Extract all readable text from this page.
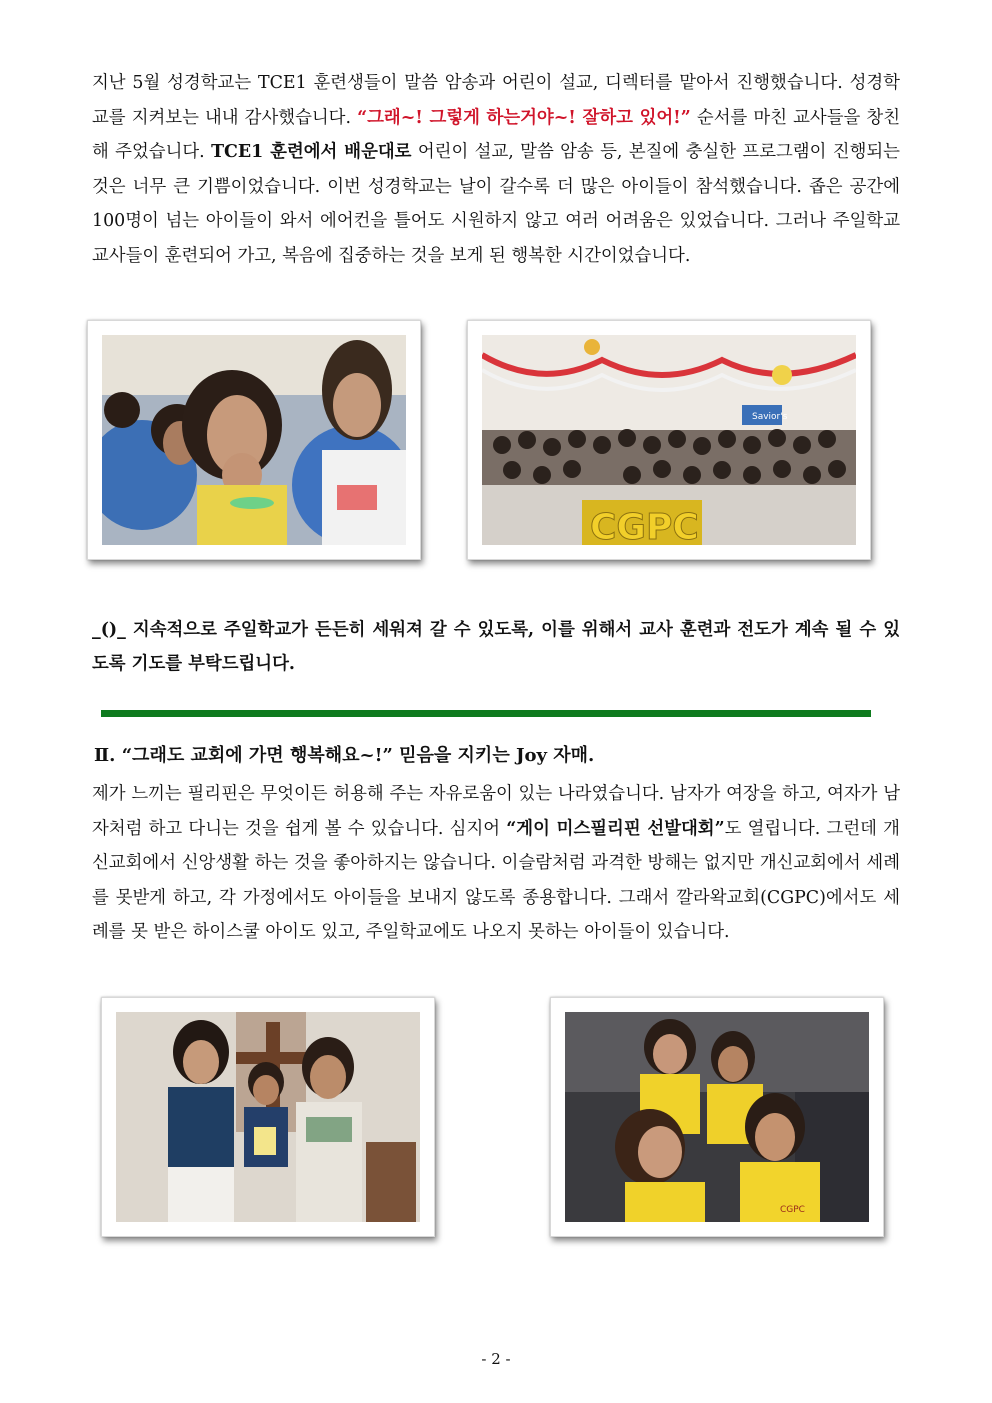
지난 5월 성경학교는 TCE1 훈련생들이 말씀 암송과 어린이 설교, 디렉터를 맡아서 진행했습니다. 성경학교를 지켜보는 내내 감사했습니다. “그래~! 그렇게 하는거야~! 잘하고 있어!” 순서를 마친 교사들을 창친해 주었습니다. TCE1 훈련에서 배운대로 어린이 설교, 말씀 암송 등, 본질에 충실한 프로그램이 진행되는 것은 너무 큰 기쁨이었습니다. 이번 성경학교는 날이 갈수록 더 많은 아이들이 참석했습니다. 좁은 공간에 100명이 넘는 아이들이 와서 에어컨을 틀어도 시원하지 않고 여러 어려움은 있었습니다. 그러나 주일학교 교사들이 훈련되어 가고, 복음에 집중하는 것을 보게 된 행복한 시간이었습니다.

Savior's
CGPC

_()_ 지속적으로 주일학교가 든든히 세워져 갈 수 있도록, 이를 위해서 교사 훈련과 전도가 계속 될 수 있도록 기도를 부탁드립니다.

Ⅱ. “그래도 교회에 가면 행복해요~!” 믿음을 지키는 Joy 자매.

제가 느끼는 필리핀은 무엇이든 허용해 주는 자유로움이 있는 나라였습니다. 남자가 여장을 하고, 여자가 남자처럼 하고 다니는 것을 쉽게 볼 수 있습니다. 심지어 “게이 미스필리핀 선발대회”도 열립니다. 그런데 개신교회에서 신앙생활 하는 것을 좋아하지는 않습니다. 이슬람처럼 과격한 방해는 없지만 개신교회에서 세례를 못받게 하고, 각 가정에서도 아이들을 보내지 않도록 종용합니다. 그래서 깔라왁교회(CGPC)에서도 세례를 못 받은 하이스쿨 아이도 있고, 주일학교에도 나오지 못하는 아이들이 있습니다.

CGPC
- 2 -
